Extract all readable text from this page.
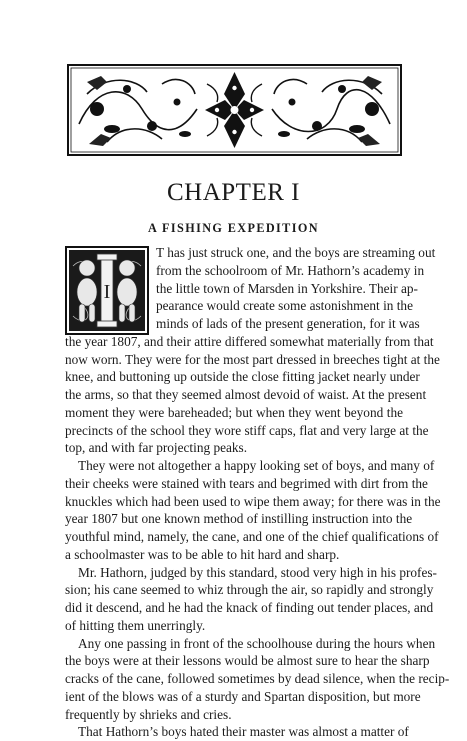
CHAPTER I
A FISHING EXPEDITION
I
T has just struck one, and the boys are streaming out
from the schoolroom of Mr. Hathorn’s academy in
the little town of Marsden in Yorkshire. Their ap-
pearance would create some astonishment in the
minds of lads of the present generation, for it was
the year 1807, and their attire differed somewhat materially from that
now worn. They were for the most part dressed in breeches tight at the
knee, and buttoning up outside the close fitting jacket nearly under
the arms, so that they seemed almost devoid of waist. At the present
moment they were bareheaded; but when they went beyond the
precincts of the school they wore stiff caps, flat and very large at the
top, and with far projecting peaks.
They were not altogether a happy looking set of boys, and many of
their cheeks were stained with tears and begrimed with dirt from the
knuckles which had been used to wipe them away; for there was in the
year 1807 but one known method of instilling instruction into the
youthful mind, namely, the cane, and one of the chief qualifications of
a schoolmaster was to be able to hit hard and sharp.
Mr. Hathorn, judged by this standard, stood very high in his profes-
sion; his cane seemed to whiz through the air, so rapidly and strongly
did it descend, and he had the knack of finding out tender places, and
of hitting them unerringly.
Any one passing in front of the schoolhouse during the hours when
the boys were at their lessons would be almost sure to hear the sharp
cracks of the cane, followed sometimes by dead silence, when the recip-
ient of the blows was of a sturdy and Spartan disposition, but more
frequently by shrieks and cries.
That Hathorn’s boys hated their master was almost a matter of
